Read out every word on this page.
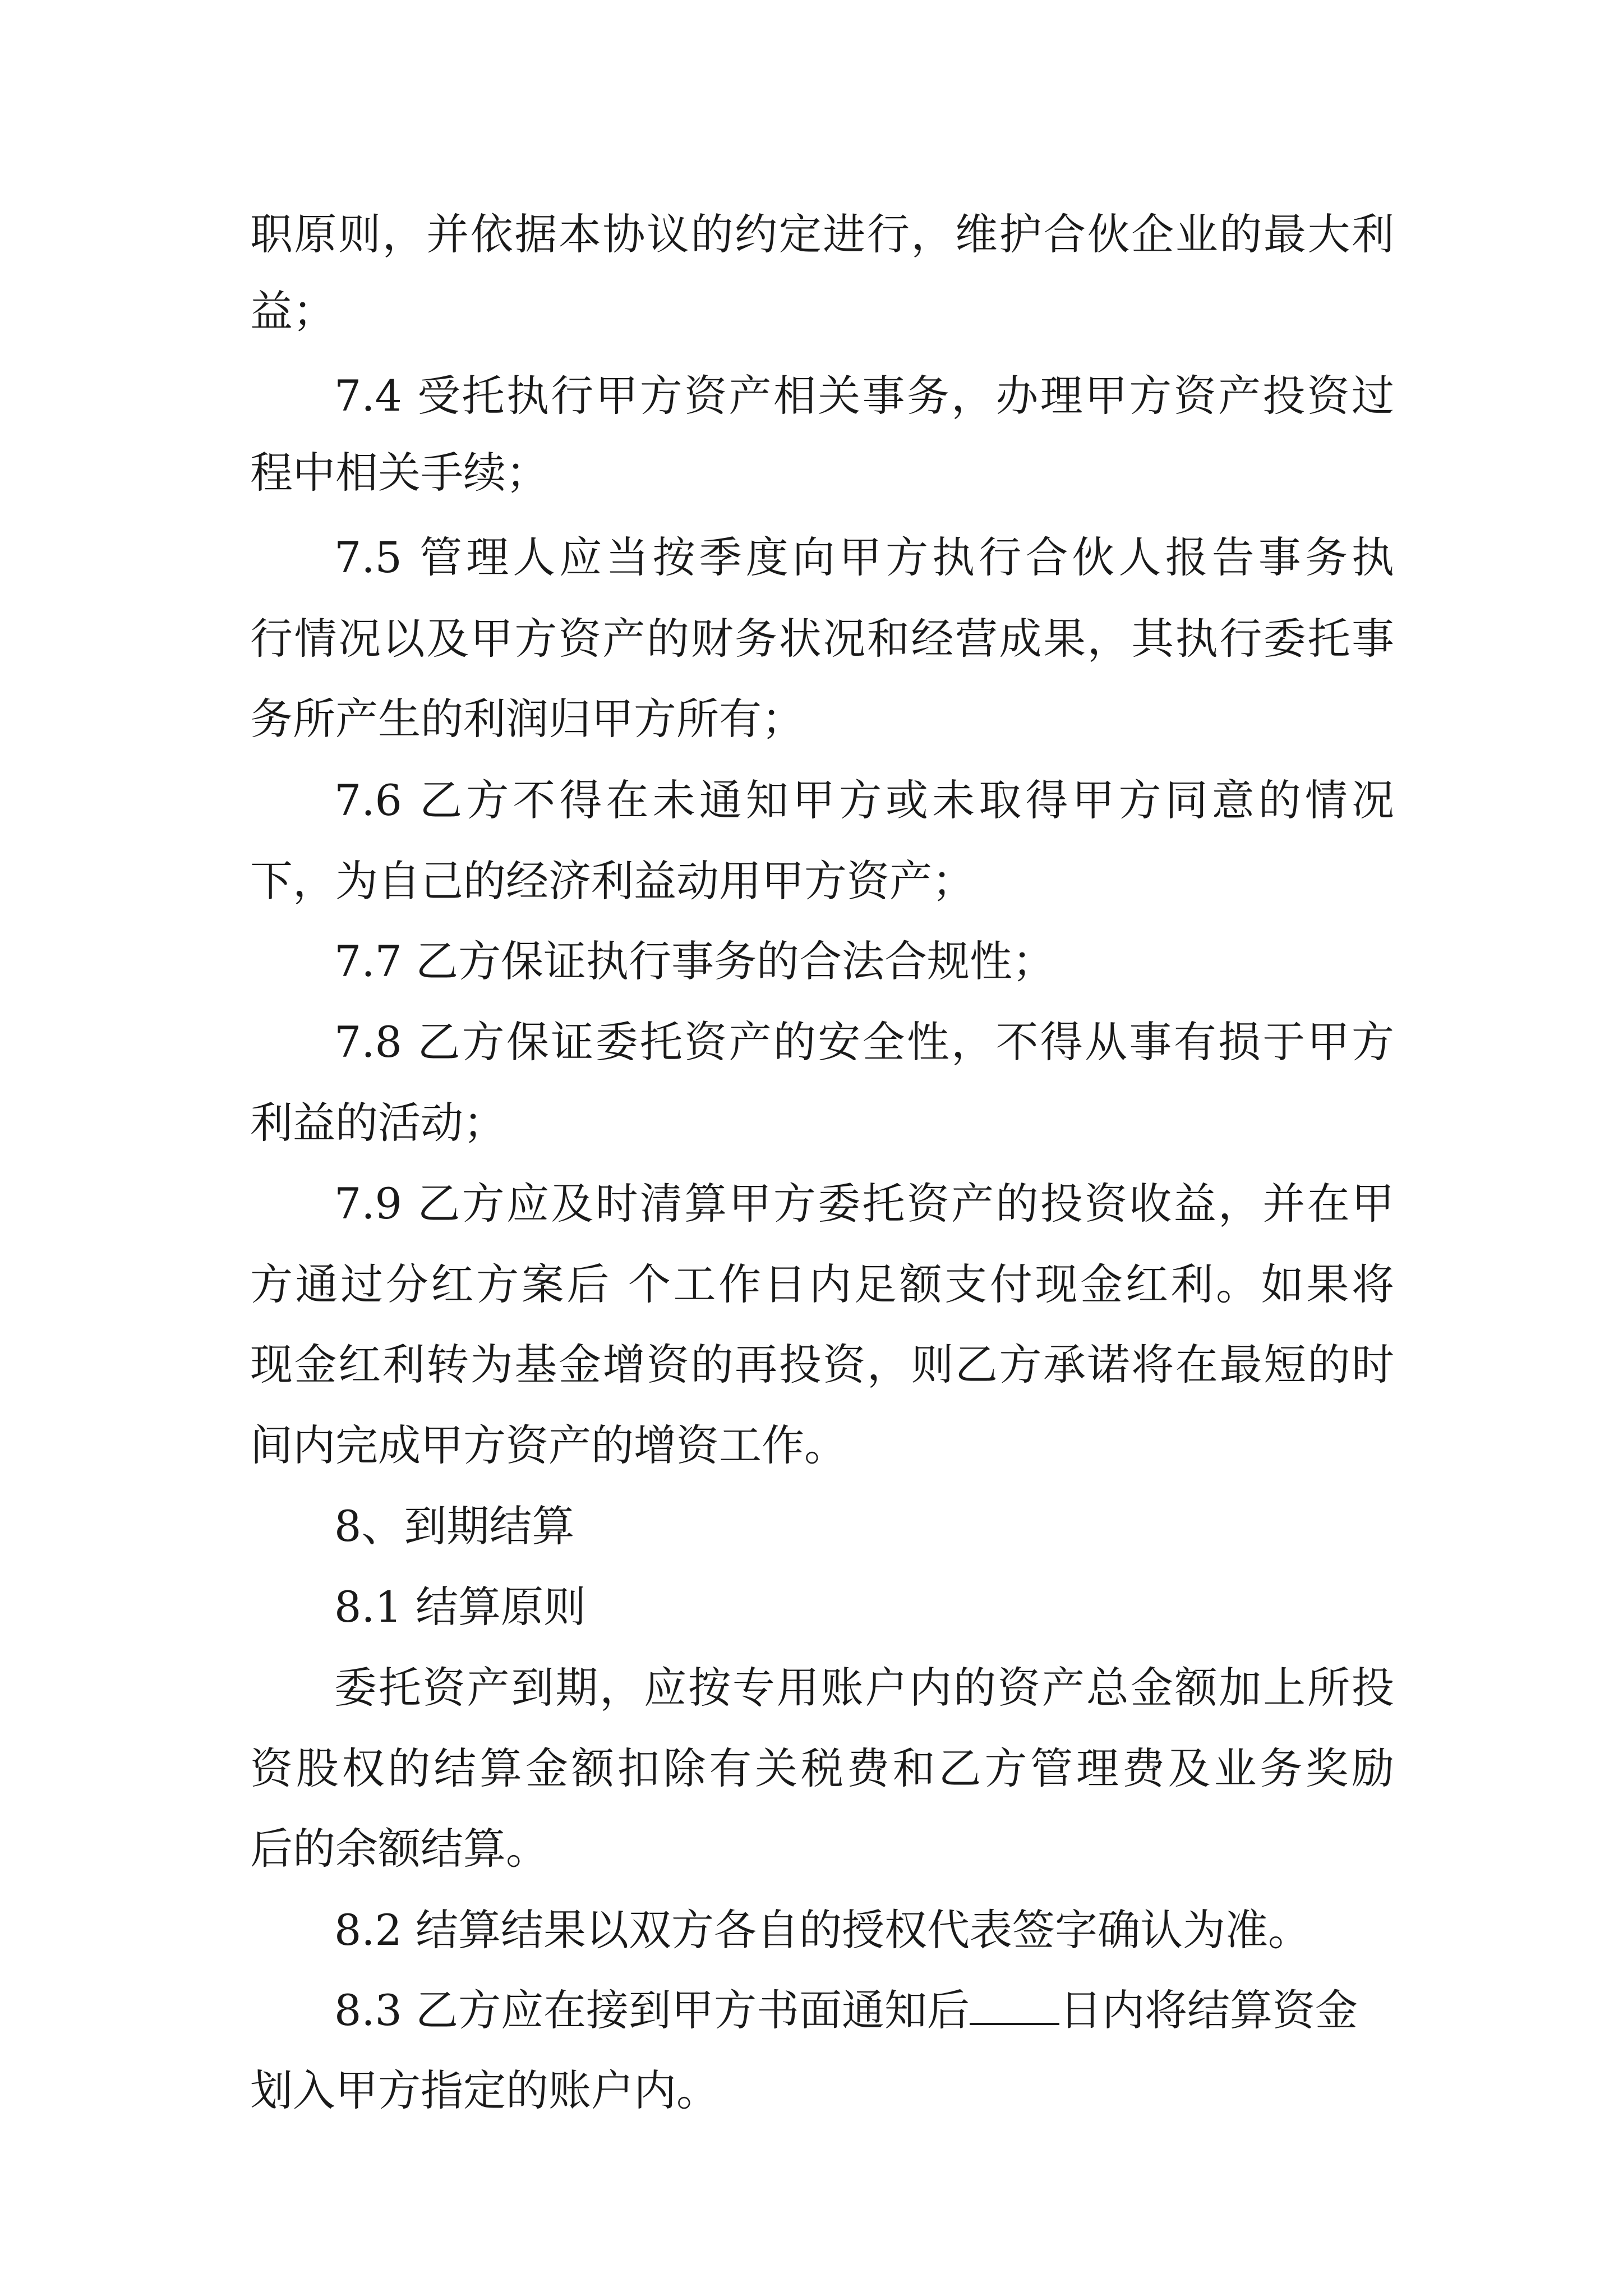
职原则，并依据本协议的约定进行，维护合伙企业的最大利
益；
7.4 受托执行甲方资产相关事务，办理甲方资产投资过
程中相关手续；
7.5 管理人应当按季度向甲方执行合伙人报告事务执
行情况以及甲方资产的财务状况和经营成果，其执行委托事
务所产生的利润归甲方所有；
7.6 乙方不得在未通知甲方或未取得甲方同意的情况
下，为自己的经济利益动用甲方资产；
7.7 乙方保证执行事务的合法合规性；
7.8 乙方保证委托资产的安全性，不得从事有损于甲方
利益的活动；
7.9 乙方应及时清算甲方委托资产的投资收益，并在甲
方通过分红方案后 个工作日内足额支付现金红利。如果将
现金红利转为基金增资的再投资，则乙方承诺将在最短的时
间内完成甲方资产的增资工作。
8、到期结算
8.1 结算原则
委托资产到期，应按专用账户内的资产总金额加上所投
资股权的结算金额扣除有关税费和乙方管理费及业务奖励
后的余额结算。
8.2 结算结果以双方各自的授权代表签字确认为准。
8.3 乙方应在接到甲方书面通知后 日内将结算资金
划入甲方指定的账户内。
